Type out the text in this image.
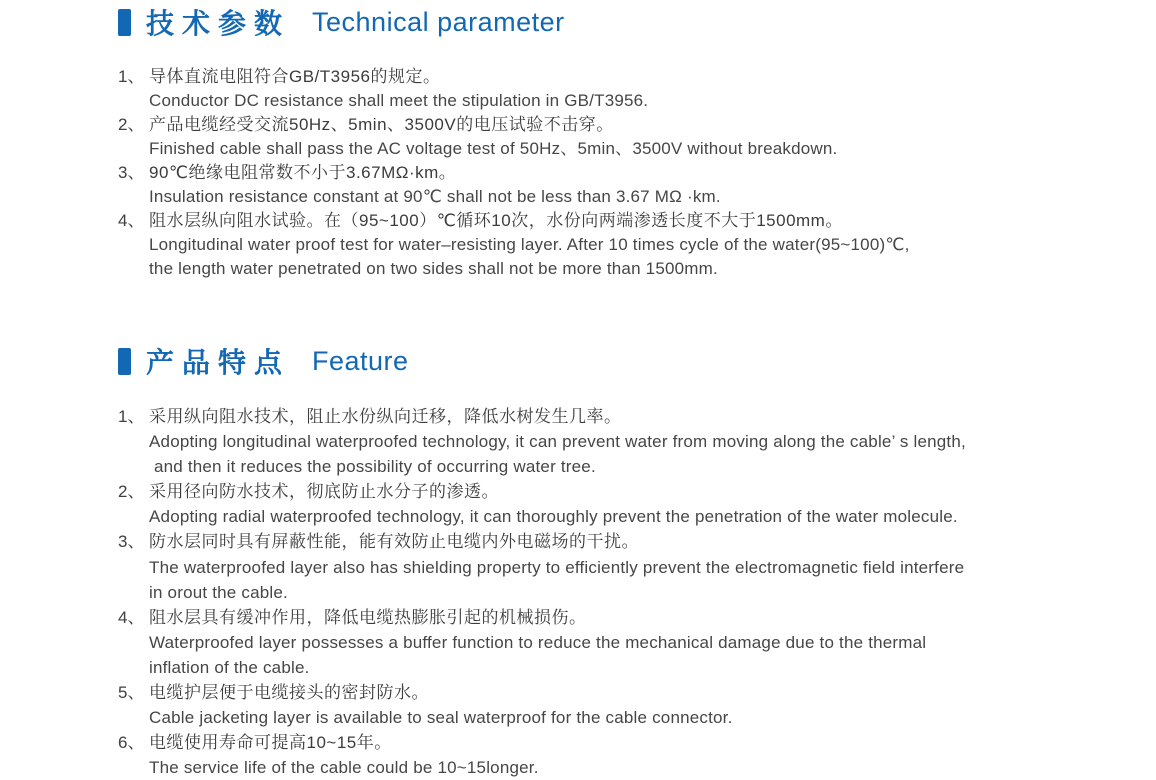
技术参数 Technical parameter
1、 导体直流电阻符合GB/T3956的规定。
Conductor DC resistance shall meet the stipulation in GB/T3956.
2、 产品电缆经受交流50Hz、5min、3500V的电压试验不击穿。
Finished cable shall pass the AC voltage test of 50Hz、5min、3500V without breakdown.
3、 90℃绝缘电阻常数不小于3.67MΩ·km。
Insulation resistance constant at 90℃ shall not be less than 3.67 MΩ ·km.
4、 阻水层纵向阻水试验。在（95~100）℃循环10次，水份向两端渗透长度不大于1500mm。
Longitudinal water proof test for water–resisting layer. After 10 times cycle of the water(95~100)℃,
the length water penetrated on two sides shall not be more than 1500mm.
产品特点 Feature
1、 采用纵向阻水技术，阻止水份纵向迁移，降低水树发生几率。
Adopting longitudinal waterproofed technology, it can prevent water from moving along the cable’ s length,
and then it reduces the possibility of occurring water tree.
2、 采用径向防水技术，彻底防止水分子的渗透。
Adopting radial waterproofed technology, it can thoroughly prevent the penetration of the water molecule.
3、 防水层同时具有屏蔽性能，能有效防止电缆内外电磁场的干扰。
The waterproofed layer also has shielding property to efficiently prevent the electromagnetic field interfere
in orout the cable.
4、 阻水层具有缓冲作用，降低电缆热膨胀引起的机械损伤。
Waterproofed layer possesses a buffer function to reduce the mechanical damage due to the thermal
inflation of the cable.
5、 电缆护层便于电缆接头的密封防水。
Cable jacketing layer is available to seal waterproof for the cable connector.
6、 电缆使用寿命可提高10~15年。
The service life of the cable could be 10~15longer.
